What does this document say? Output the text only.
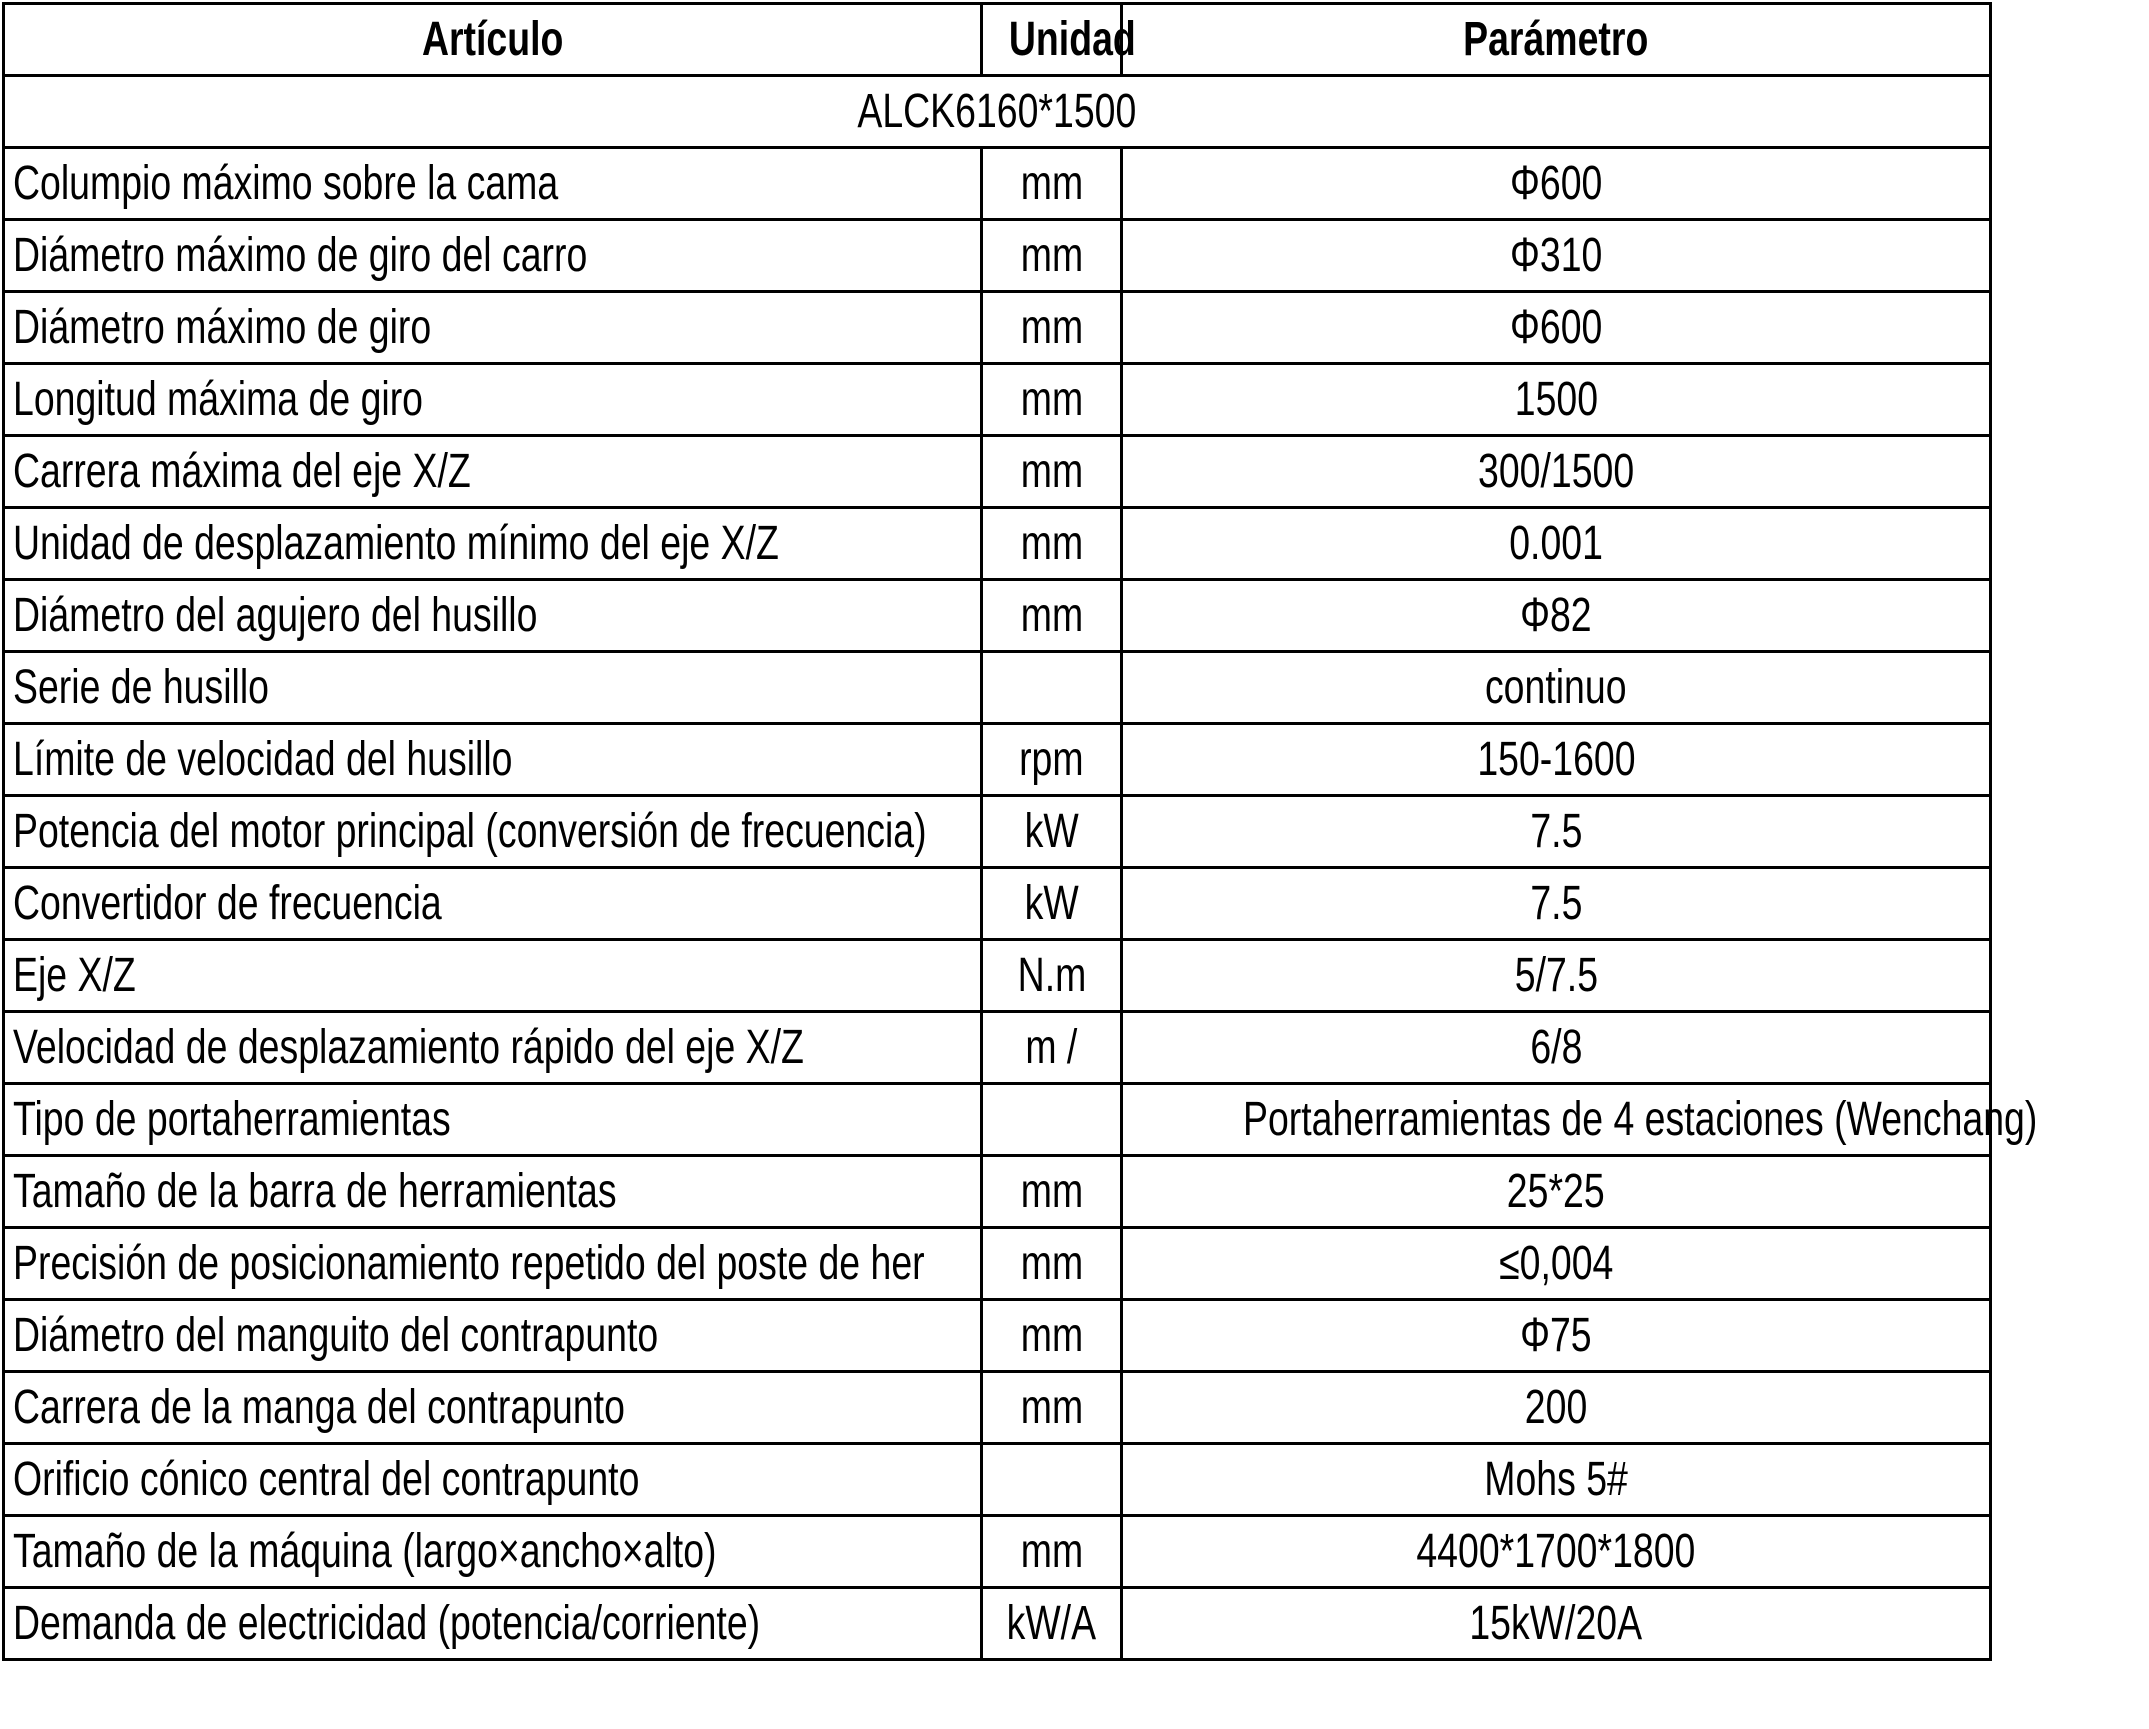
Artículo	Unidad	Parámetro
ALCK6160*1500		
Columpio máximo sobre la cama	mm	Φ600
Diámetro máximo de giro del carro	mm	Φ310
Diámetro máximo de giro	mm	Φ600
Longitud máxima de giro	mm	1500
Carrera máxima del eje X/Z	mm	300/1500
Unidad de desplazamiento mínimo del eje X/Z	mm	0.001
Diámetro del agujero del husillo	mm	Φ82
Serie de husillo		continuo
Límite de velocidad del husillo	rpm	150-1600
Potencia del motor principal (conversión de frecuencia)	kW	7.5
Convertidor de frecuencia	kW	7.5
Eje X/Z	N.m	5/7.5
Velocidad de desplazamiento rápido del eje X/Z	m /	6/8
Tipo de portaherramientas		Portaherramientas de 4 estaciones (Wenchang)
Tamaño de la barra de herramientas	mm	25*25
Precisión de posicionamiento repetido del poste de her	mm	≤0,004
Diámetro del manguito del contrapunto	mm	Φ75
Carrera de la manga del contrapunto	mm	200
Orificio cónico central del contrapunto		Mohs 5#
Tamaño de la máquina (largo×ancho×alto)	mm	4400*1700*1800
Demanda de electricidad (potencia/corriente)	kW/A	15kW/20A
